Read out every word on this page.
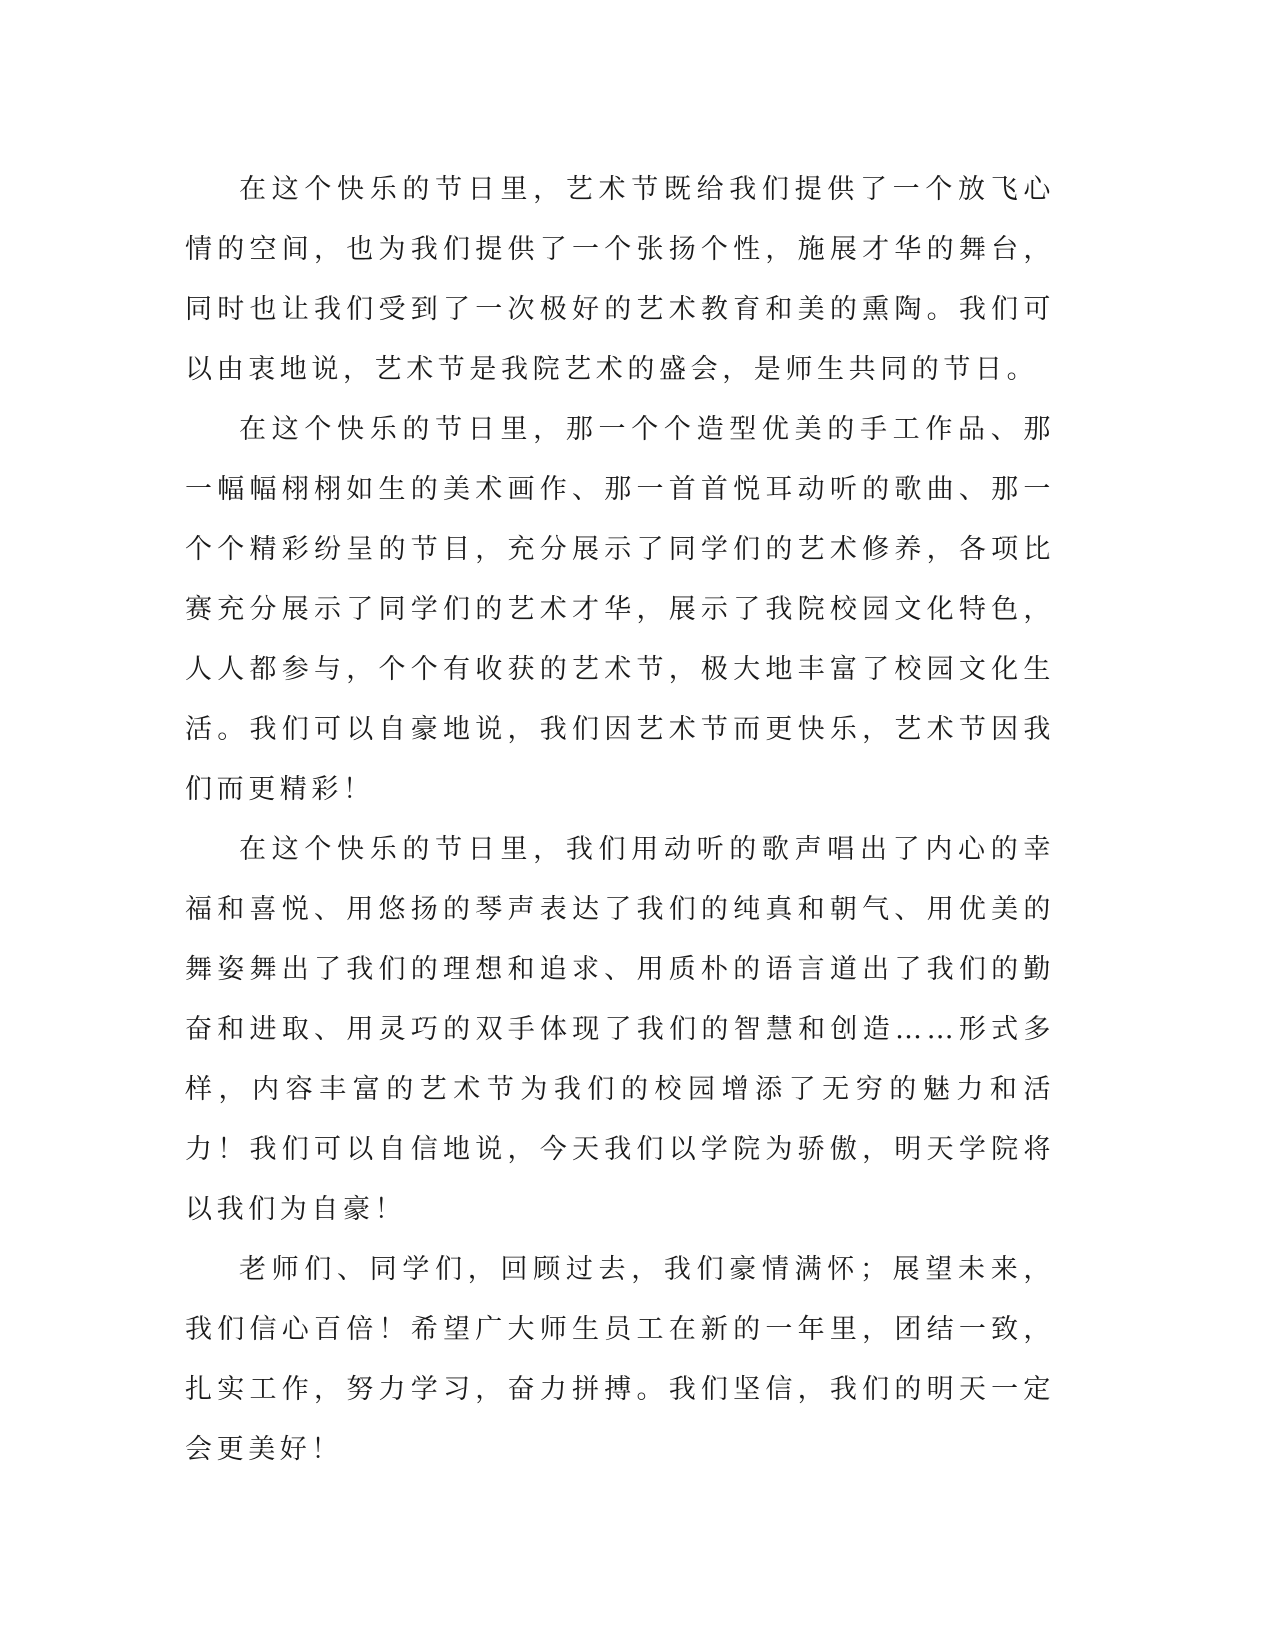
在这个快乐的节日里，艺术节既给我们提供了一个放飞心情的空间，也为我们提供了一个张扬个性，施展才华的舞台，同时也让我们受到了一次极好的艺术教育和美的熏陶。我们可以由衷地说，艺术节是我院艺术的盛会，是师生共同的节日。

在这个快乐的节日里，那一个个造型优美的手工作品、那一幅幅栩栩如生的美术画作、那一首首悦耳动听的歌曲、那一个个精彩纷呈的节目，充分展示了同学们的艺术修养，各项比赛充分展示了同学们的艺术才华，展示了我院校园文化特色，人人都参与，个个有收获的艺术节，极大地丰富了校园文化生活。我们可以自豪地说，我们因艺术节而更快乐，艺术节因我们而更精彩！

在这个快乐的节日里，我们用动听的歌声唱出了内心的幸福和喜悦、用悠扬的琴声表达了我们的纯真和朝气、用优美的舞姿舞出了我们的理想和追求、用质朴的语言道出了我们的勤奋和进取、用灵巧的双手体现了我们的智慧和创造……形式多样，内容丰富的艺术节为我们的校园增添了无穷的魅力和活力！我们可以自信地说，今天我们以学院为骄傲，明天学院将以我们为自豪！

老师们、同学们，回顾过去，我们豪情满怀；展望未来，我们信心百倍！希望广大师生员工在新的一年里，团结一致，扎实工作，努力学习，奋力拼搏。我们坚信，我们的明天一定会更美好！
